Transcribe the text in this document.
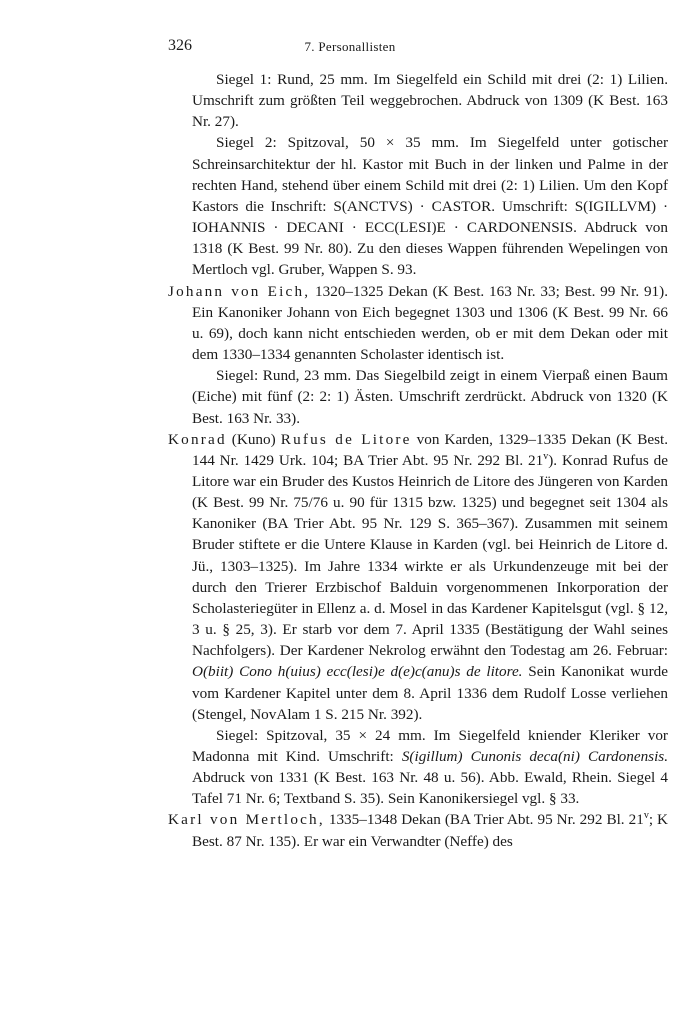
326	7. Personallisten

Siegel 1: Rund, 25 mm. Im Siegelfeld ein Schild mit drei (2: 1) Lilien. Umschrift zum größten Teil weggebrochen. Abdruck von 1309 (K Best. 163 Nr. 27).

Siegel 2: Spitzoval, 50 × 35 mm. Im Siegelfeld unter gotischer Schreinsarchitektur der hl. Kastor mit Buch in der linken und Palme in der rechten Hand, stehend über einem Schild mit drei (2: 1) Lilien. Um den Kopf Kastors die Inschrift: S(ANCTVS) · CASTOR. Umschrift: S(IGILLVM) · IOHANNIS · DECANI · ECC(LESI)E · CARDONENSIS. Abdruck von 1318 (K Best. 99 Nr. 80). Zu den dieses Wappen führenden Wepelingen von Mertloch vgl. Gruber, Wappen S. 93.

Johann von Eich, 1320–1325 Dekan (K Best. 163 Nr. 33; Best. 99 Nr. 91). Ein Kanoniker Johann von Eich begegnet 1303 und 1306 (K Best. 99 Nr. 66 u. 69), doch kann nicht entschieden werden, ob er mit dem Dekan oder mit dem 1330–1334 genannten Scholaster identisch ist.

Siegel: Rund, 23 mm. Das Siegelbild zeigt in einem Vierpaß einen Baum (Eiche) mit fünf (2: 2: 1) Ästen. Umschrift zerdrückt. Abdruck von 1320 (K Best. 163 Nr. 33).

Konrad (Kuno) Rufus de Litore von Karden, 1329–1335 Dekan (K Best. 144 Nr. 1429 Urk. 104; BA Trier Abt. 95 Nr. 292 Bl. 21$^v$). Konrad Rufus de Litore war ein Bruder des Kustos Heinrich de Litore des Jüngeren von Karden (K Best. 99 Nr. 75/76 u. 90 für 1315 bzw. 1325) und begegnet seit 1304 als Kanoniker (BA Trier Abt. 95 Nr. 129 S. 365–367). Zusammen mit seinem Bruder stiftete er die Untere Klause in Karden (vgl. bei Heinrich de Litore d. Jü., 1303–1325). Im Jahre 1334 wirkte er als Urkundenzeuge mit bei der durch den Trierer Erzbischof Balduin vorgenommenen Inkorporation der Scholasteriegüter in Ellenz a. d. Mosel in das Kardener Kapitelsgut (vgl. § 12, 3 u. § 25, 3). Er starb vor dem 7. April 1335 (Bestätigung der Wahl seines Nachfolgers). Der Kardener Nekrolog erwähnt den Todestag am 26. Februar: O(biit) Cono h(uius) ecc(lesi)e d(e)c(anu)s de litore. Sein Kanonikat wurde vom Kardener Kapitel unter dem 8. April 1336 dem Rudolf Losse verliehen (Stengel, NovAlam 1 S. 215 Nr. 392).

Siegel: Spitzoval, 35 × 24 mm. Im Siegelfeld kniender Kleriker vor Madonna mit Kind. Umschrift: S(igillum) Cunonis deca(ni) Cardonensis. Abdruck von 1331 (K Best. 163 Nr. 48 u. 56). Abb. Ewald, Rhein. Siegel 4 Tafel 71 Nr. 6; Textband S. 35). Sein Kanonikersiegel vgl. § 33.

Karl von Mertloch, 1335–1348 Dekan (BA Trier Abt. 95 Nr. 292 Bl. 21$^v$; K Best. 87 Nr. 135). Er war ein Verwandter (Neffe) des
